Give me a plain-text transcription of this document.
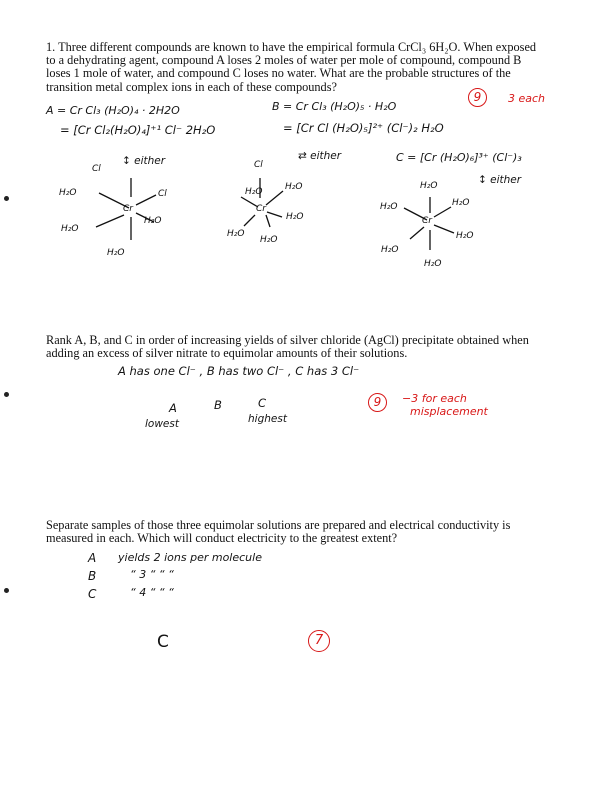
1. Three different compounds are known to have the empirical formula CrCl₃ 6H₂O. When exposed to a dehydrating agent, compound A loses 2 moles of water per mole of compound, compound B loses 1 mole of water, and compound C loses no water. What are the probable structures of the transition metal complex ions in each of these compounds?
9	3 each
A = Cr Cl₃ (H₂O)₄ · 2H2O	B = Cr Cl₃ (H₂O)₅ · H₂O
= [Cr Cl₂(H₂O)₄]⁺¹ Cl⁻ 2H₂O	= [Cr Cl (H₂O)₅]²⁺ (Cl⁻)₂ H₂O
↕ either	⇄ either	C = [Cr (H₂O)₆]³⁺ (Cl⁻)₃
↕ either
Cl
Cr
Cl
H₂O
H₂O
H₂O
H₂O
Cl
Cr
H₂O	H₂O
H₂O
H₂O
H₂O
H₂O
Cr
H₂O	H₂O
H₂O
H₂O
H₂O
Rank A, B, and C in order of increasing yields of silver chloride (AgCl) precipitate obtained when adding an excess of silver nitrate to equimolar amounts of their solutions.
A has one Cl⁻ , B has two Cl⁻ , C has 3 Cl⁻
A	B	C
lowest	highest
9	−3 for each
misplacement
Separate samples of those three equimolar solutions are prepared and electrical conductivity is measured in each. Which will conduct electricity to the greatest extent?
A yields 2 ions per molecule
B	“ 3 “ “ “
C	“ 4 “ “ “
C	7
